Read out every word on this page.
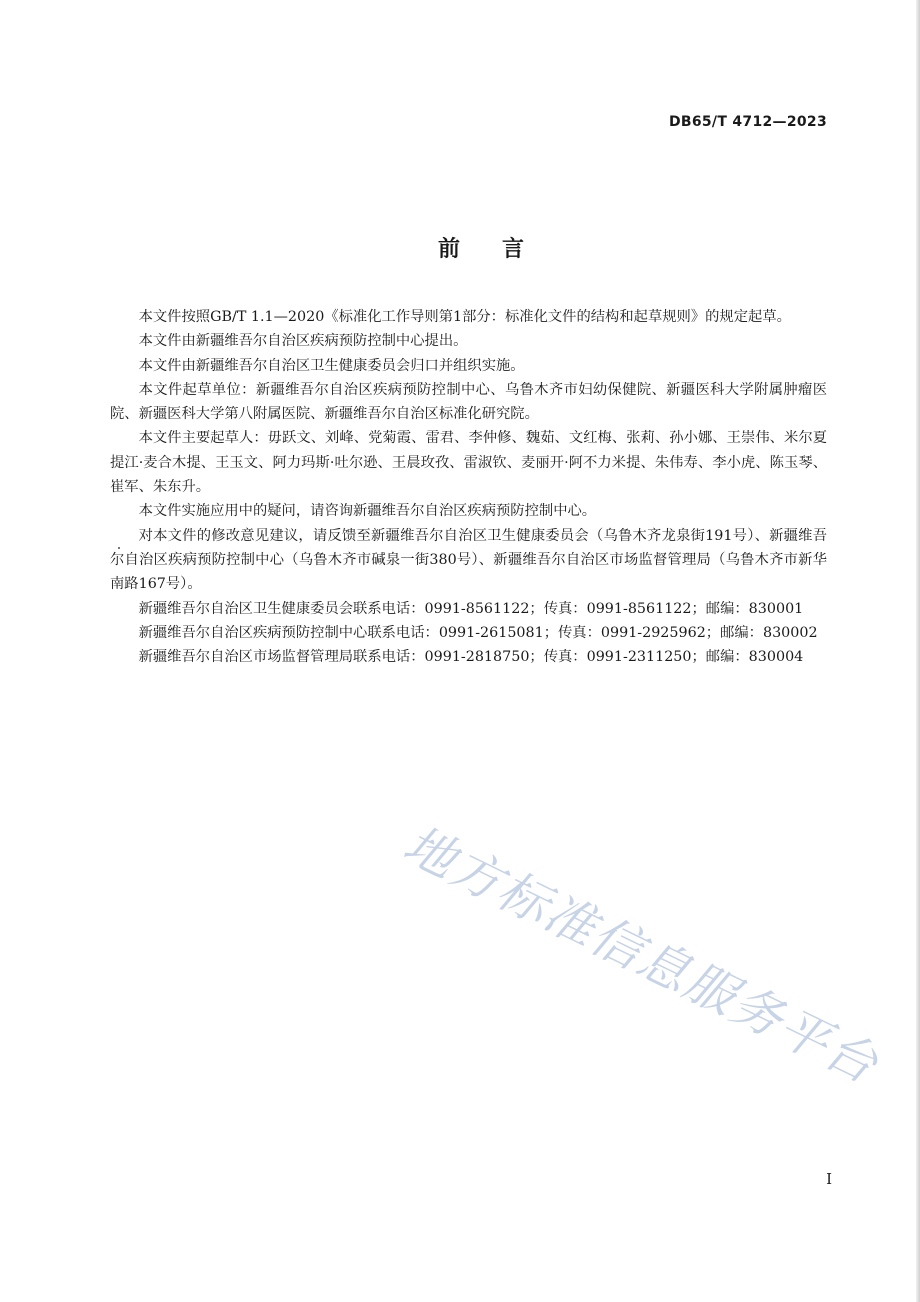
DB65/T 4712—2023
前言

本文件按照GB/T 1.1—2020《标准化工作导则第1部分：标准化文件的结构和起草规则》的规定起草。

本文件由新疆维吾尔自治区疾病预防控制中心提出。

本文件由新疆维吾尔自治区卫生健康委员会归口并组织实施。

本文件起草单位：新疆维吾尔自治区疾病预防控制中心、乌鲁木齐市妇幼保健院、新疆医科大学附属肿瘤医院、新疆医科大学第八附属医院、新疆维吾尔自治区标准化研究院。

本文件主要起草人：毋跃文、刘峰、党菊霞、雷君、李仲修、魏茹、文红梅、张莉、孙小娜、王崇伟、米尔夏提江·麦合木提、王玉文、阿力玛斯·吐尔逊、王晨玫孜、雷淑钦、麦丽开·阿不力米提、朱伟寿、李小虎、陈玉琴、崔军、朱东升。

本文件实施应用中的疑问，请咨询新疆维吾尔自治区疾病预防控制中心。

对本文件的修改意见建议，请反馈至新疆维吾尔自治区卫生健康委员会（乌鲁木齐龙泉街191号）、新疆维吾尔自治区疾病预防控制中心（乌鲁木齐市碱泉一街380号）、新疆维吾尔自治区市场监督管理局（乌鲁木齐市新华南路167号）。

新疆维吾尔自治区卫生健康委员会联系电话：0991-8561122；传真：0991-8561122；邮编：830001

新疆维吾尔自治区疾病预防控制中心联系电话：0991-2615081；传真：0991-2925962；邮编：830002

新疆维吾尔自治区市场监督管理局联系电话：0991-2818750；传真：0991-2311250；邮编：830004

地方标准信息服务平台
I
